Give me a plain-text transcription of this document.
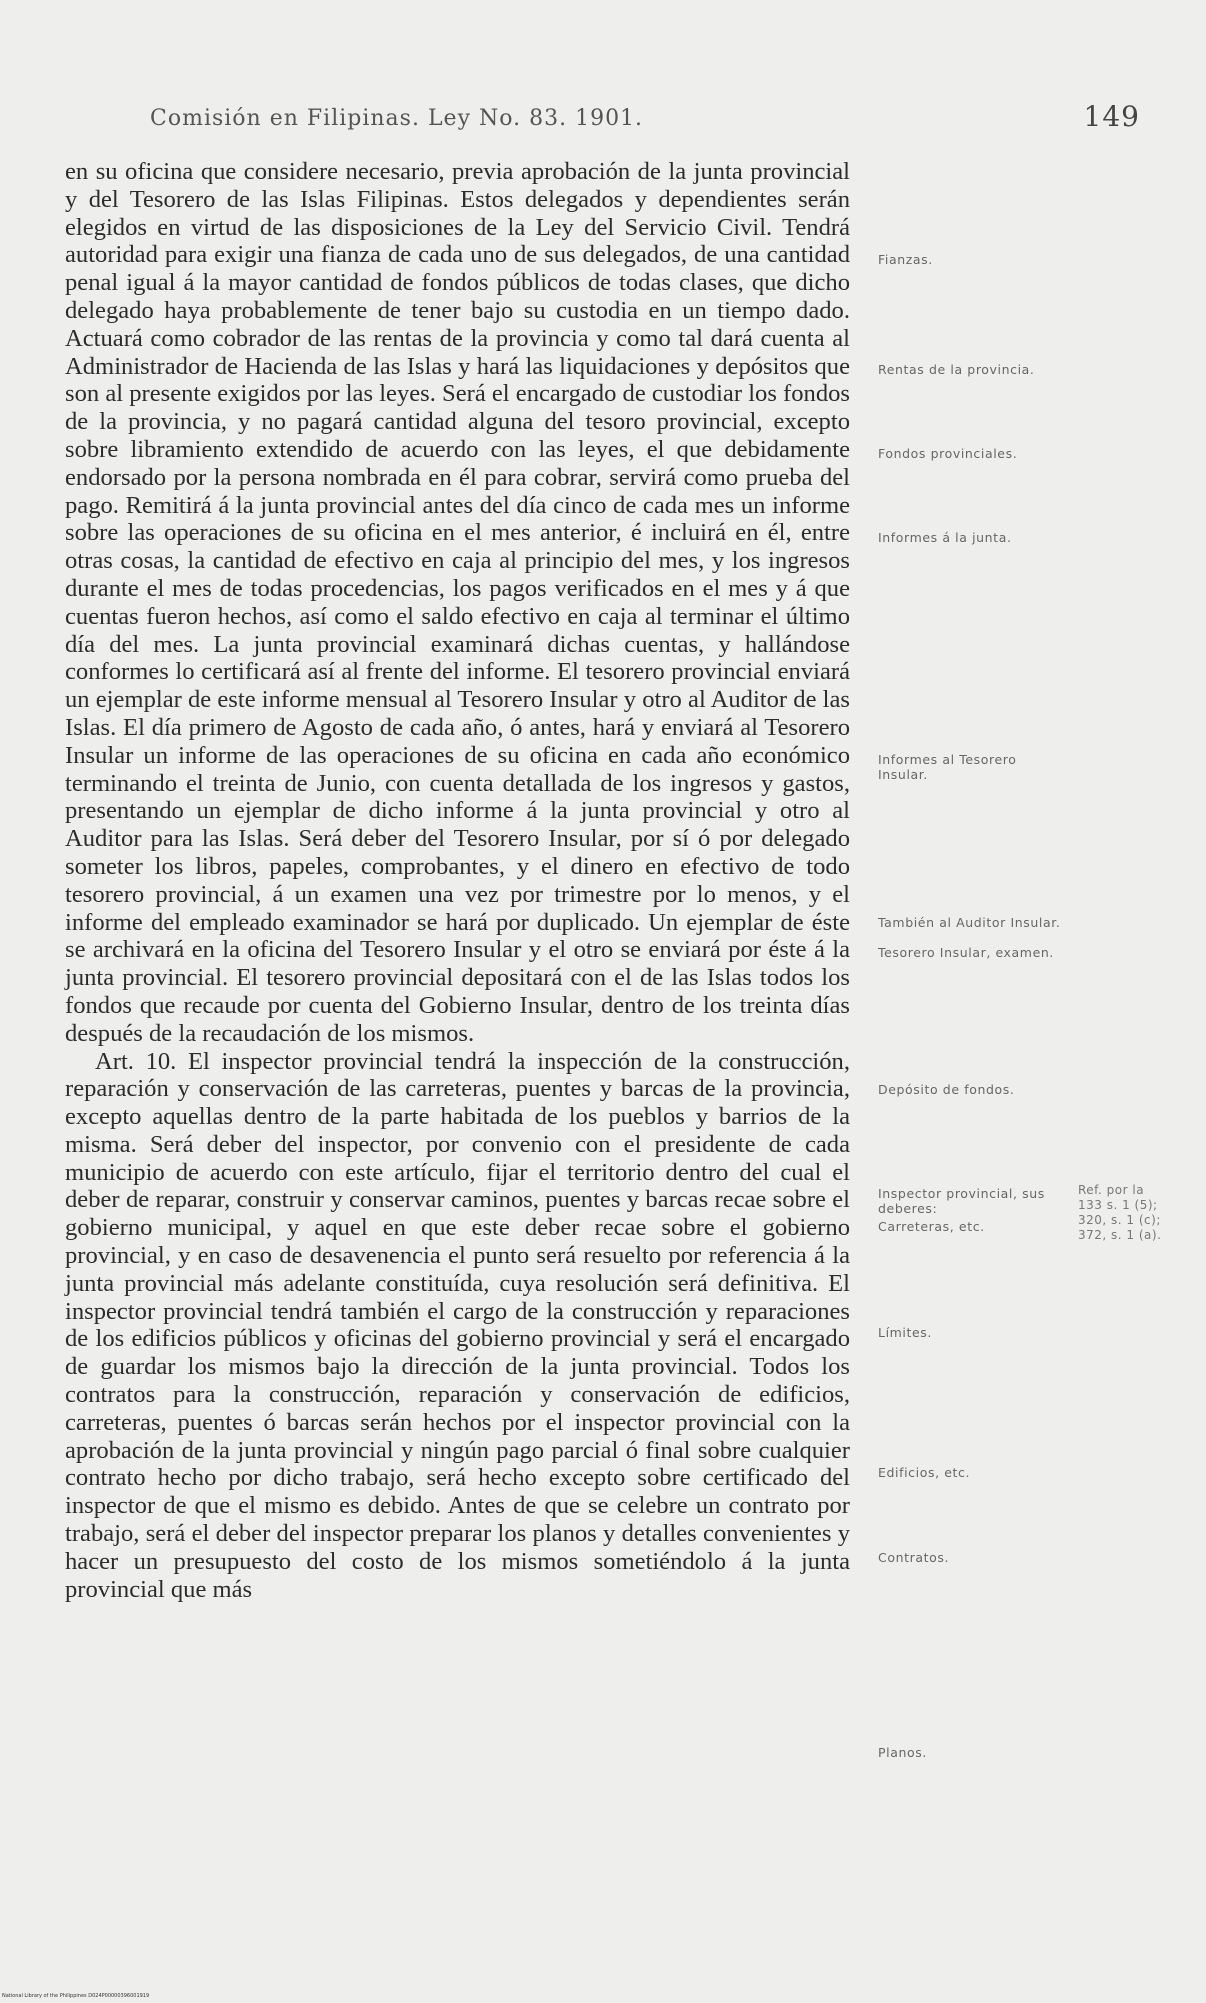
Comisión en Filipinas. Ley No. 83. 1901.	149

en su oficina que considere necesario, previa aprobación de la junta provincial y del Tesorero de las Islas Filipinas. Estos delegados y dependientes serán elegidos en virtud de las disposiciones de la Ley del Servicio Civil. Tendrá autoridad para exigir una fianza de cada uno de sus delegados, de una cantidad penal igual á la mayor cantidad de fondos públicos de todas clases, que dicho delegado haya probablemente de tener bajo su custodia en un tiempo dado. Actuará como cobrador de las rentas de la provincia y como tal dará cuenta al Administrador de Hacienda de las Islas y hará las liquidaciones y depósitos que son al presente exigidos por las leyes. Será el encargado de custodiar los fondos de la provincia, y no pagará cantidad alguna del tesoro provincial, excepto sobre libramiento extendido de acuerdo con las leyes, el que debidamente endorsado por la persona nombrada en él para cobrar, servirá como prueba del pago. Remitirá á la junta provincial antes del día cinco de cada mes un informe sobre las operaciones de su oficina en el mes anterior, é incluirá en él, entre otras cosas, la cantidad de efectivo en caja al principio del mes, y los ingresos durante el mes de todas procedencias, los pagos verificados en el mes y á que cuentas fueron hechos, así como el saldo efectivo en caja al terminar el último día del mes. La junta provincial examinará dichas cuentas, y hallándose conformes lo certificará así al frente del informe. El tesorero provincial enviará un ejemplar de este informe mensual al Tesorero Insular y otro al Auditor de las Islas. El día primero de Agosto de cada año, ó antes, hará y enviará al Tesorero Insular un informe de las operaciones de su oficina en cada año económico terminando el treinta de Junio, con cuenta detallada de los ingresos y gastos, presentando un ejemplar de dicho informe á la junta provincial y otro al Auditor para las Islas. Será deber del Tesorero Insular, por sí ó por delegado someter los libros, papeles, comprobantes, y el dinero en efectivo de todo tesorero provincial, á un examen una vez por trimestre por lo menos, y el informe del empleado examinador se hará por duplicado. Un ejemplar de éste se archivará en la oficina del Tesorero Insular y el otro se enviará por éste á la junta provincial. El tesorero provincial depositará con el de las Islas todos los fondos que recaude por cuenta del Gobierno Insular, dentro de los treinta días después de la recaudación de los mismos.

Art. 10. El inspector provincial tendrá la inspección de la construcción, reparación y conservación de las carreteras, puentes y barcas de la provincia, excepto aquellas dentro de la parte habitada de los pueblos y barrios de la misma. Será deber del inspector, por convenio con el presidente de cada municipio de acuerdo con este artículo, fijar el territorio dentro del cual el deber de reparar, construir y conservar caminos, puentes y barcas recae sobre el gobierno municipal, y aquel en que este deber recae sobre el gobierno provincial, y en caso de desavenencia el punto será resuelto por referencia á la junta provincial más adelante constituída, cuya resolución será definitiva. El inspector provincial tendrá también el cargo de la construcción y reparaciones de los edificios públicos y oficinas del gobierno provincial y será el encargado de guardar los mismos bajo la dirección de la junta provincial. Todos los contratos para la construcción, reparación y conservación de edificios, carreteras, puentes ó barcas serán hechos por el inspector provincial con la aprobación de la junta provincial y ningún pago parcial ó final sobre cualquier contrato hecho por dicho trabajo, será hecho excepto sobre certificado del inspector de que el mismo es debido. Antes de que se celebre un contrato por trabajo, será el deber del inspector preparar los planos y detalles convenientes y hacer un presupuesto del costo de los mismos sometiéndolo á la junta provincial que más

Fianzas.
Rentas de la provincia.
Fondos provinciales.
Informes á la junta.
Informes al Tesorero Insular.
También al Auditor Insular.
Tesorero Insular, examen.
Depósito de fondos.
Inspector provincial, sus deberes:
Carreteras, etc.
Límites.
Edificios, etc.
Contratos.
Planos.
Ref. por la 133 s. 1 (5); 320, s. 1 (c); 372, s. 1 (a).
National Library of the Philippines D024P00000396001919
